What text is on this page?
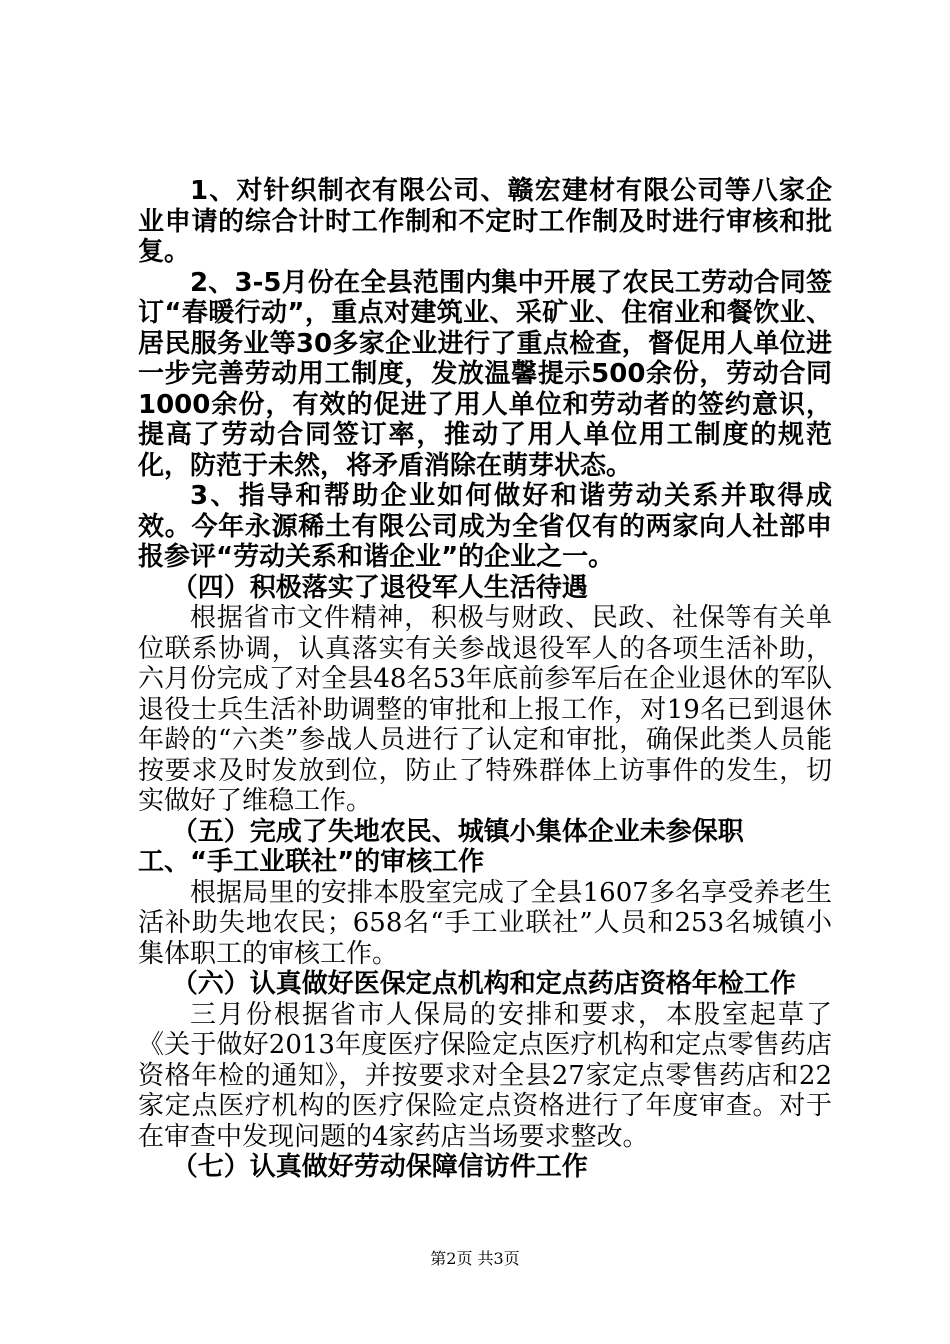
1、对针织制衣有限公司、赣宏建材有限公司等八家企业申请的综合计时工作制和不定时工作制及时进行审核和批复。

2、3-5月份在全县范围内集中开展了农民工劳动合同签订“春暖行动”，重点对建筑业、采矿业、住宿业和餐饮业、居民服务业等30多家企业进行了重点检查，督促用人单位进一步完善劳动用工制度，发放温馨提示500余份，劳动合同1000余份，有效的促进了用人单位和劳动者的签约意识，提高了劳动合同签订率，推动了用人单位用工制度的规范化，防范于未然，将矛盾消除在萌芽状态。

3、指导和帮助企业如何做好和谐劳动关系并取得成效。今年永源稀土有限公司成为全省仅有的两家向人社部申报参评“劳动关系和谐企业”的企业之一。

（四）积极落实了退役军人生活待遇

根据省市文件精神，积极与财政、民政、社保等有关单位联系协调，认真落实有关参战退役军人的各项生活补助，六月份完成了对全县48名53年底前参军后在企业退休的军队退役士兵生活补助调整的审批和上报工作，对19名已到退休年龄的“六类”参战人员进行了认定和审批，确保此类人员能按要求及时发放到位，防止了特殊群体上访事件的发生，切实做好了维稳工作。

（五）完成了失地农民、城镇小集体企业未参保职工、“手工业联社”的审核工作

根据局里的安排本股室完成了全县1607多名享受养老生活补助失地农民；658名“手工业联社”人员和253名城镇小集体职工的审核工作。

（六）认真做好医保定点机构和定点药店资格年检工作

三月份根据省市人保局的安排和要求，本股室起草了《关于做好2013年度医疗保险定点医疗机构和定点零售药店资格年检的通知》，并按要求对全县27家定点零售药店和22家定点医疗机构的医疗保险定点资格进行了年度审查。对于在审查中发现问题的4家药店当场要求整改。

（七）认真做好劳动保障信访件工作

第2页 共3页
